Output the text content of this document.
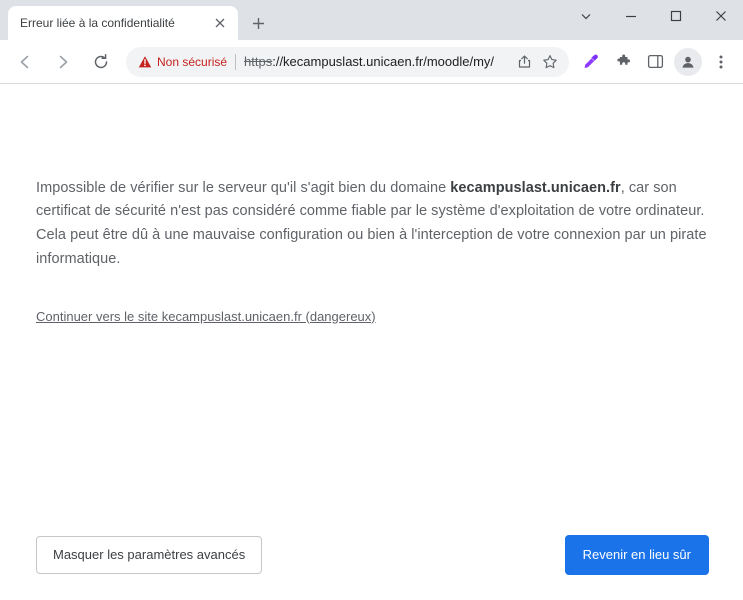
Erreur liée à la confidentialité
Non sécurisé https://kecampuslast.unicaen.fr/moodle/my/

Impossible de vérifier sur le serveur qu'il s'agit bien du domaine kecampuslast.unicaen.fr, car son certificat de sécurité n'est pas considéré comme fiable par le système d'exploitation de votre ordinateur. Cela peut être dû à une mauvaise configuration ou bien à l'interception de votre connexion par un pirate informatique.

Continuer vers le site kecampuslast.unicaen.fr (dangereux)
Masquer les paramètres avancés	Revenir en lieu sûr
